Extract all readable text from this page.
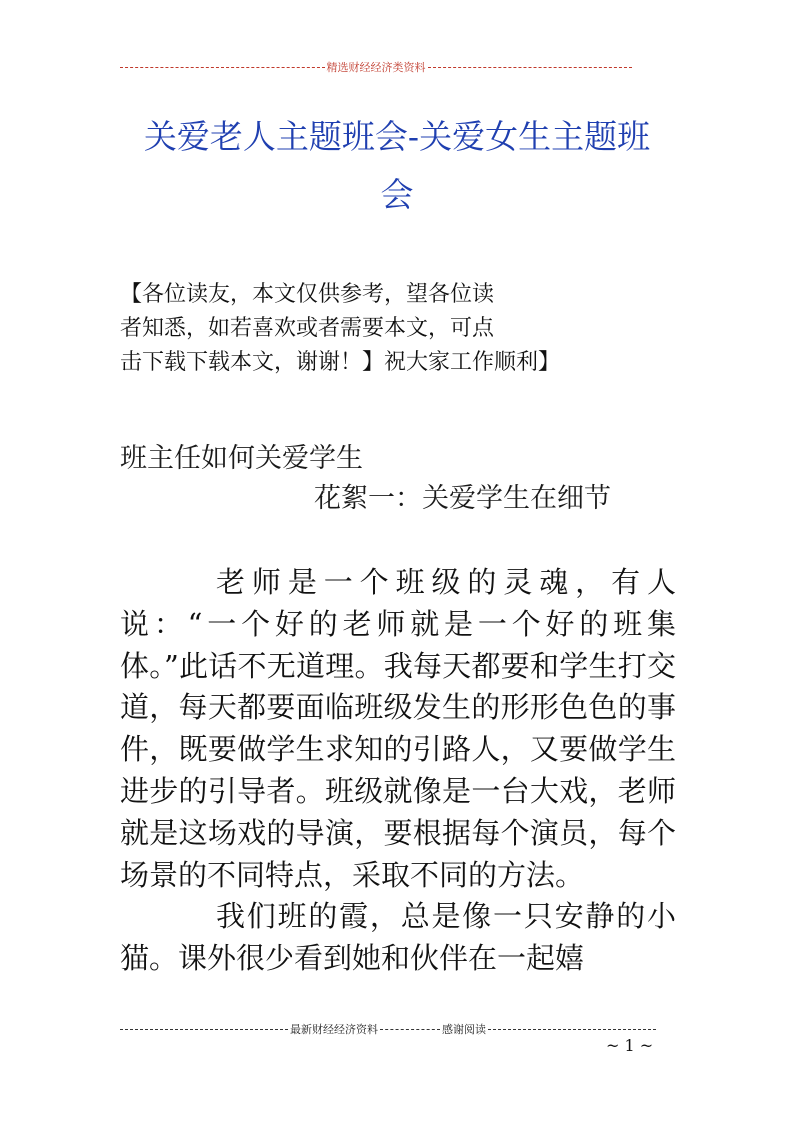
精选财经经济类资料
关爱老人主题班会-关爱女生主题班
会
【各位读友，本文仅供参考，望各位读
者知悉，如若喜欢或者需要本文，可点
击下载下载本文，谢谢！】祝大家工作顺利】
班主任如何关爱学生
花絮一：关爱学生在细节

老师是一个班级的灵魂，有人说：“一个好的老师就是一个好的班集体。”此话不无道理。我每天都要和学生打交道，每天都要面临班级发生的形形色色的事件，既要做学生求知的引路人，又要做学生进步的引导者。班级就像是一台大戏，老师就是这场戏的导演，要根据每个演员，每个场景的不同特点，采取不同的方法。

我们班的霞，总是像一只安静的小猫。课外很少看到她和伙伴在一起嬉

最新财经经济资料	感谢阅读
~ 1 ~
